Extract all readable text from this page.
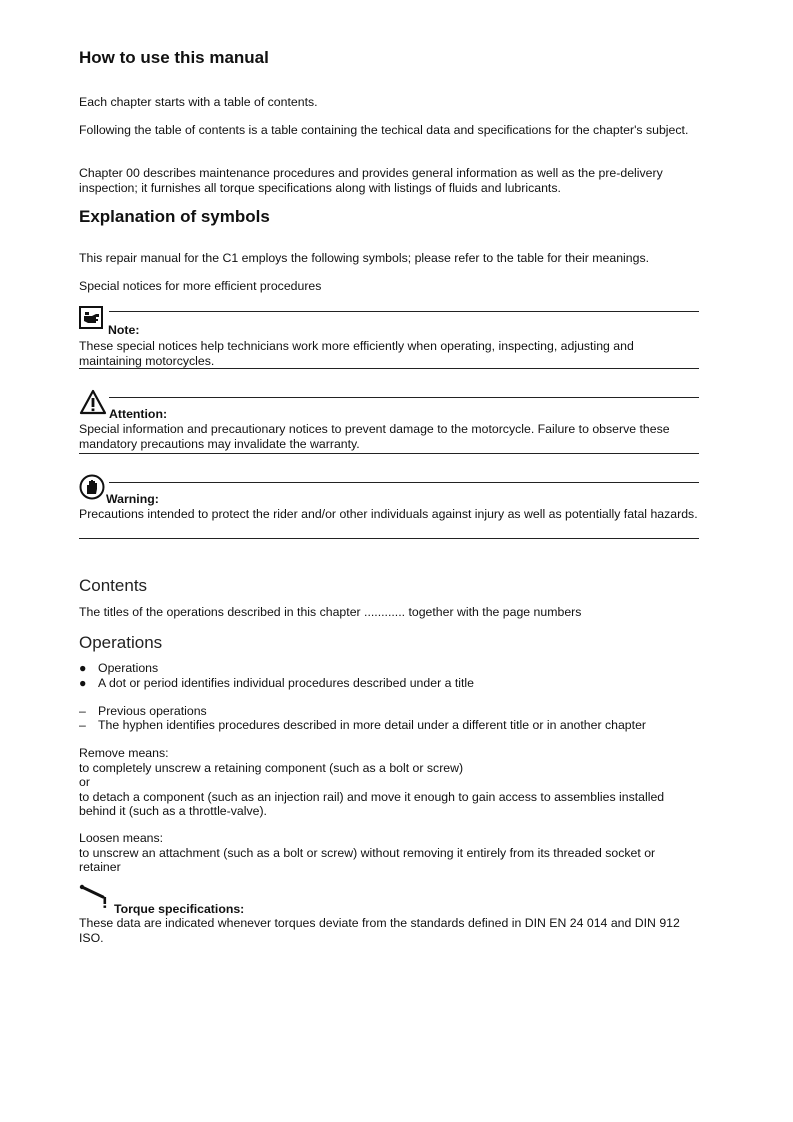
How to use this manual

Each chapter starts with a table of contents.

Following the table of contents is a table containing the techical data and specifications for the chapter's subject.

Chapter 00 describes maintenance procedures and provides general information as well as the pre-delivery inspection; it furnishes all torque specifications along with listings of fluids and lubricants.

Explanation of symbols

This repair manual for the C1 employs the following symbols; please refer to the table for their meanings.

Special notices for more efficient procedures

Note:

These special notices help technicians work more efficiently when operating, inspecting, adjusting and maintaining motorcycles.

Attention:

Special information and precautionary notices to prevent damage to the motorcycle. Failure to observe these mandatory precautions may invalidate the warranty.

Warning:

Precautions intended to protect the rider and/or other individuals against injury as well as potentially fatal hazards.

Contents

The titles of the operations described in this chapter ............ together with the page numbers

Operations
● Operations
● A dot or period identifies individual procedures described under a title
– Previous operations
– The hyphen identifies procedures described in more detail under a different title or in another chapter

Remove means:

to completely unscrew a retaining component (such as a bolt or screw)

or

to detach a component (such as an injection rail) and move it enough to gain access to assemblies installed behind it (such as a throttle-valve).

Loosen means:

to unscrew an attachment (such as a bolt or screw) without removing it entirely from its threaded socket or retainer

Torque specifications:

These data are indicated whenever torques deviate from the standards defined in DIN EN 24 014 and DIN 912 ISO.
